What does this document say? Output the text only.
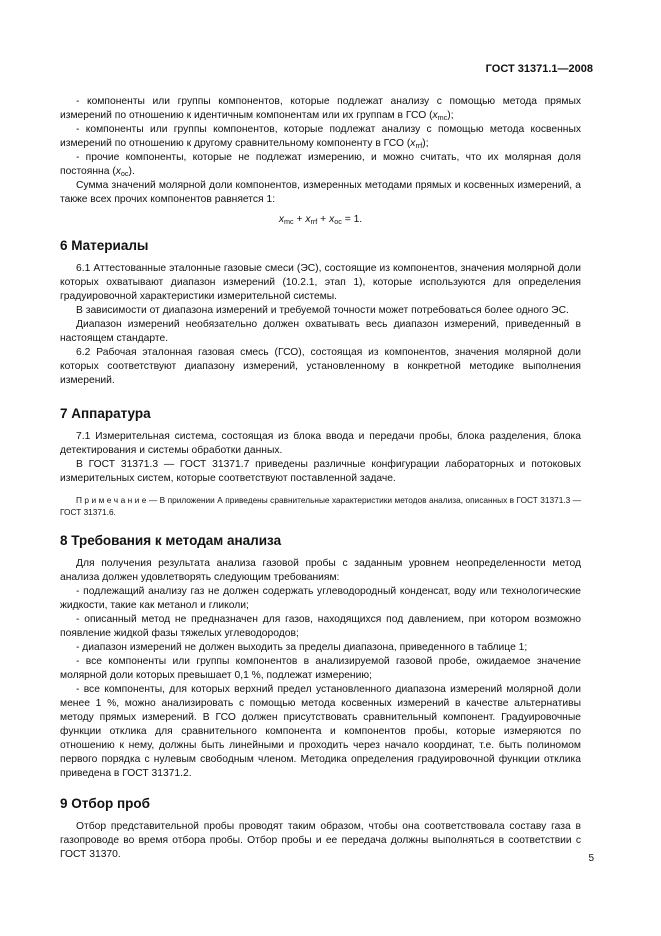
ГОСТ 31371.1—2008

- компоненты или группы компонентов, которые подлежат анализу с помощью метода прямых измерений по отношению к идентичным компонентам или их группам в ГСО $(x_{mc})$;

- компоненты или группы компонентов, которые подлежат анализу с помощью метода косвенных измерений по отношению к другому сравнительному компоненту в ГСО $(x_{rrf})$;

- прочие компоненты, которые не подлежат измерению, и можно считать, что их молярная доля постоянна $(x_{oc})$.

Сумма значений молярной доли компонентов, измеренных методами прямых и косвенных измерений, а также всех прочих компонентов равняется 1:

$x_{mc} + x_{rrf} + x_{oc} = 1$.
6 Материалы

6.1 Аттестованные эталонные газовые смеси (ЭС), состоящие из компонентов, значения молярной доли которых охватывают диапазон измерений (10.2.1, этап 1), которые используются для определения градуировочной характеристики измерительной системы.

В зависимости от диапазона измерений и требуемой точности может потребоваться более одного ЭС.

Диапазон измерений необязательно должен охватывать весь диапазон измерений, приведенный в настоящем стандарте.

6.2 Рабочая эталонная газовая смесь (ГСО), состоящая из компонентов, значения молярной доли которых соответствуют диапазону измерений, установленному в конкретной методике выполнения измерений.

7 Аппаратура

7.1 Измерительная система, состоящая из блока ввода и передачи пробы, блока разделения, блока детектирования и системы обработки данных.

В ГОСТ 31371.3 — ГОСТ 31371.7 приведены различные конфигурации лабораторных и потоковых измерительных систем, которые соответствуют поставленной задаче.

П р и м е ч а н и е — В приложении А приведены сравнительные характеристики методов анализа, описанных в ГОСТ 31371.3 — ГОСТ 31371.6.

8 Требования к методам анализа

Для получения результата анализа газовой пробы с заданным уровнем неопределенности метод анализа должен удовлетворять следующим требованиям:

- подлежащий анализу газ не должен содержать углеводородный конденсат, воду или технологические жидкости, такие как метанол и гликоли;

- описанный метод не предназначен для газов, находящихся под давлением, при котором возможно появление жидкой фазы тяжелых углеводородов;

- диапазон измерений не должен выходить за пределы диапазона, приведенного в таблице 1;

- все компоненты или группы компонентов в анализируемой газовой пробе, ожидаемое значение молярной доли которых превышает 0,1 %, подлежат измерению;

- все компоненты, для которых верхний предел установленного диапазона измерений молярной доли менее 1 %, можно анализировать с помощью метода косвенных измерений в качестве альтернативы методу прямых измерений. В ГСО должен присутствовать сравнительный компонент. Градуировочные функции отклика для сравнительного компонента и компонентов пробы, которые измеряются по отношению к нему, должны быть линейными и проходить через начало координат, т.е. быть полиномом первого порядка с нулевым свободным членом. Методика определения градуировочной функции отклика приведена в ГОСТ 31371.2.

9 Отбор проб

Отбор представительной пробы проводят таким образом, чтобы она соответствовала составу газа в газопроводе во время отбора пробы. Отбор пробы и ее передача должны выполняться в соответствии с ГОСТ 31370.	5
